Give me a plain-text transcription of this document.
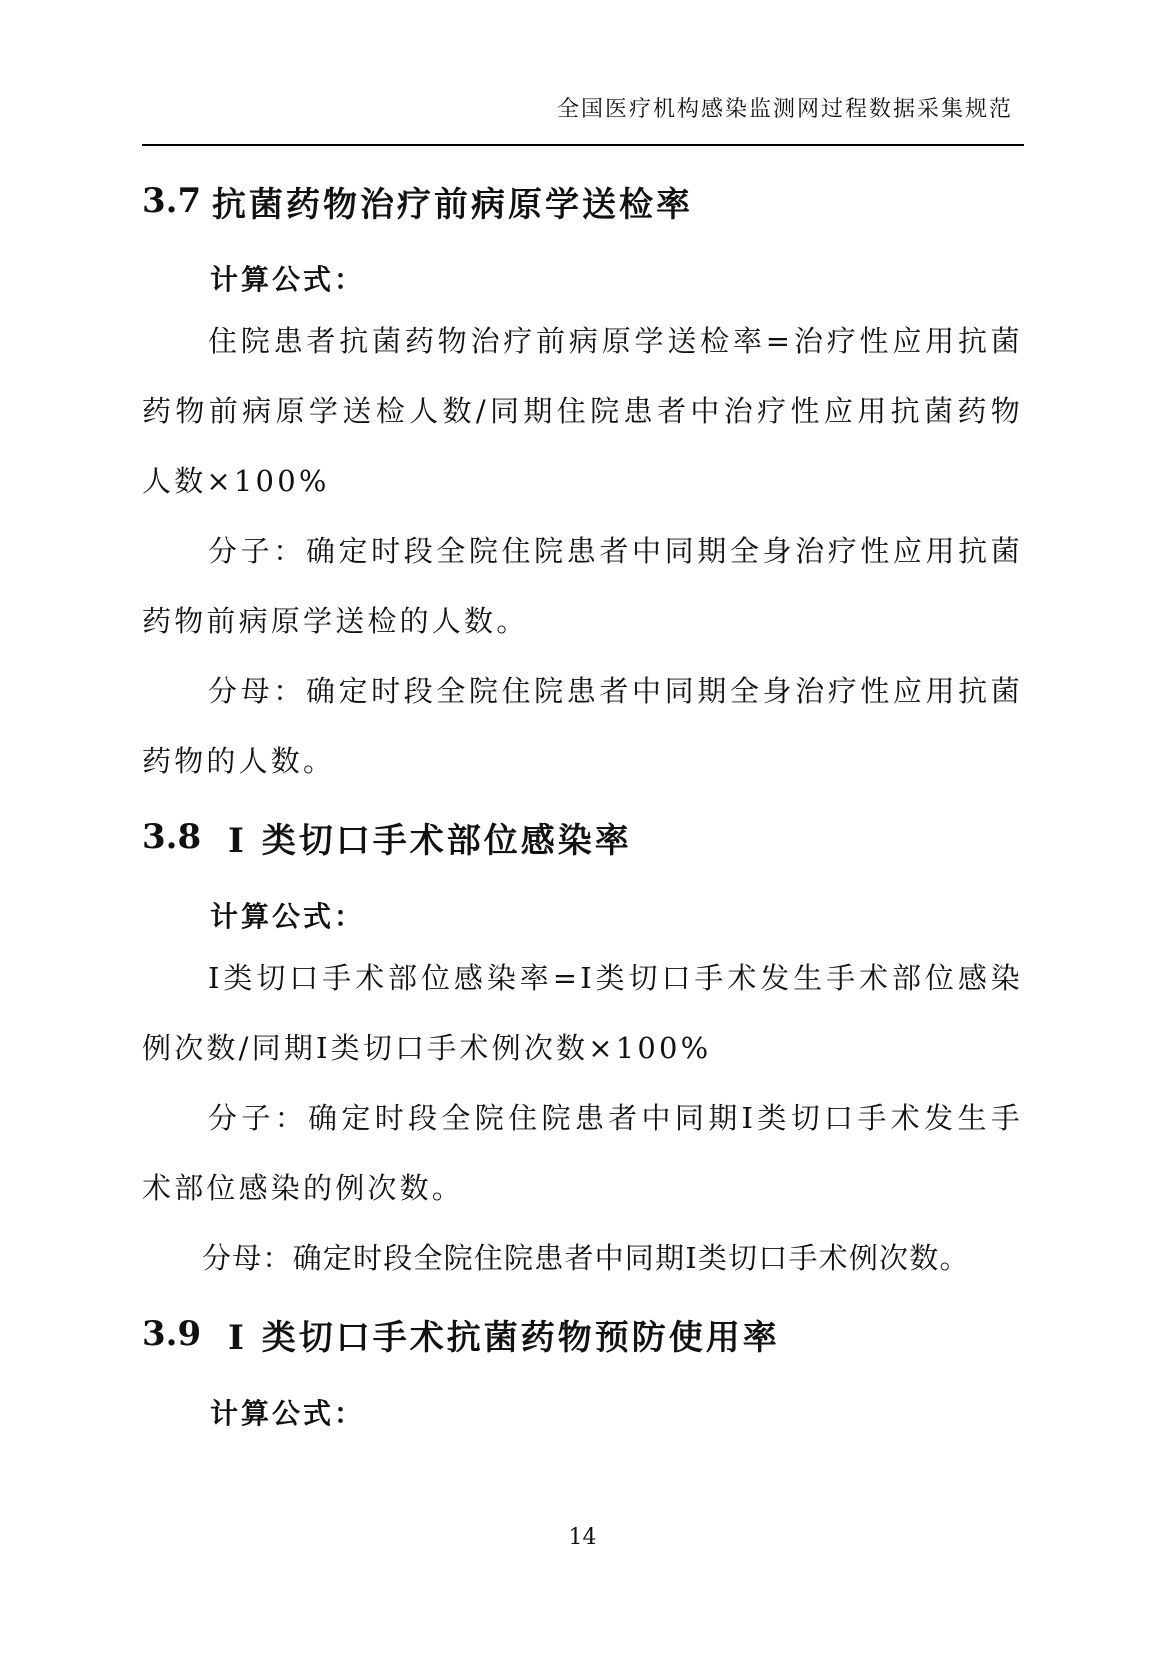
全国医疗机构感染监测网过程数据采集规范
3.7 抗菌药物治疗前病原学送检率
计算公式：

住院患者抗菌药物治疗前病原学送检率=治疗性应用抗菌药物前病原学送检人数/同期住院患者中治疗性应用抗菌药物人数×100%

分子：确定时段全院住院患者中同期全身治疗性应用抗菌药物前病原学送检的人数。

分母：确定时段全院住院患者中同期全身治疗性应用抗菌药物的人数。

3.8 I 类切口手术部位感染率
计算公式：

I类切口手术部位感染率=I类切口手术发生手术部位感染例次数/同期I类切口手术例次数×100%

分子：确定时段全院住院患者中同期I类切口手术发生手术部位感染的例次数。

分母：确定时段全院住院患者中同期I类切口手术例次数。

3.9 I 类切口手术抗菌药物预防使用率
计算公式：
14
